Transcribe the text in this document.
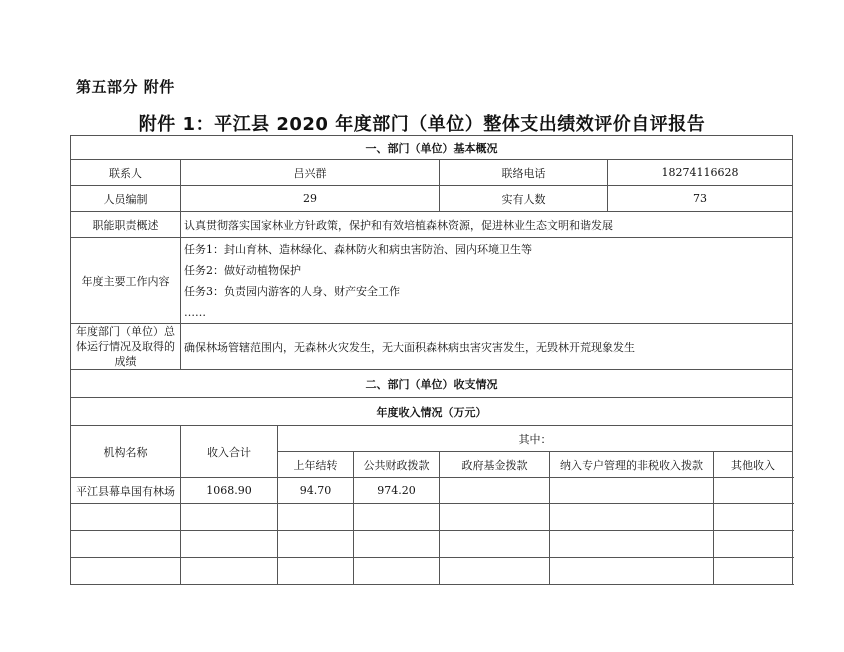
第五部分 附件
附件 1：平江县 2020 年度部门（单位）整体支出绩效评价自评报告
一、部门（单位）基本概况							
联系人	吕兴群			联络电话		18274116628	
人员编制	29			实有人数		73	
职能职责概述	认真贯彻落实国家林业方针政策，保护和有效培植森林资源，促进林业生态文明和谐发展						
年度主要工作内容	任务1：封山育林、造林绿化、森林防火和病虫害防治、园内环境卫生等
任务2：做好动植物保护
任务3：负责园内游客的人身、财产安全工作
……						

年度部门（单位）总体运行情况及取得的成绩	确保林场管辖范围内，无森林火灾发生，无大面积森林病虫害灾害发生，无毁林开荒现象发生						
二、部门（单位）收支情况							
年度收入情况（万元）							
机构名称	收入合计	其中：					
		上年结转	公共财政拨款	政府基金拨款	纳入专户管理的非税收入拨款		其他收入
平江县幕阜国有林场	1068.90	94.70	974.20				
